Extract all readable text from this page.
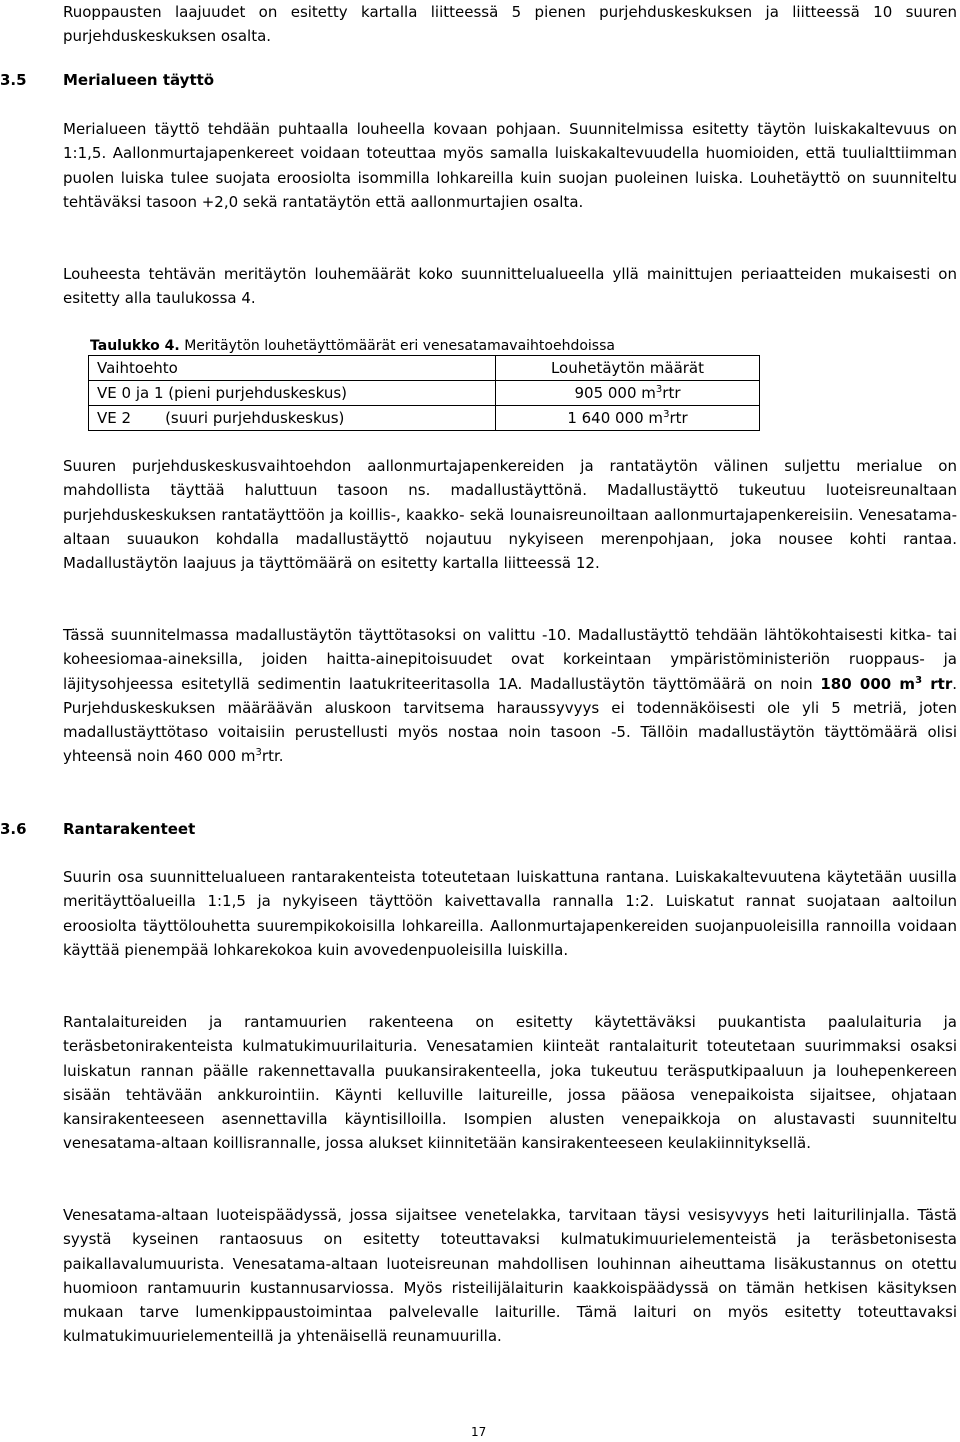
Ruoppausten laajuudet on esitetty kartalla liitteessä 5 pienen purjehduskeskuksen ja liitteessä 10 suuren purjehduskeskuksen osalta.

3.5 Merialueen täyttö

Merialueen täyttö tehdään puhtaalla louheella kovaan pohjaan. Suunnitelmissa esitetty täytön luiskakaltevuus on 1:1,5. Aallonmurtajapenkereet voidaan toteuttaa myös samalla luiskakaltevuudella huomioiden, että tuulialttiimman puolen luiska tulee suojata eroosiolta isommilla lohkareilla kuin suojan puoleinen luiska. Louhetäyttö on suunniteltu tehtäväksi tasoon +2,0 sekä rantatäytön että aallonmurtajien osalta.

Louheesta tehtävän meritäytön louhemäärät koko suunnittelualueella yllä mainittujen periaatteiden mukaisesti on esitetty alla taulukossa 4.

Taulukko 4. Meritäytön louhetäyttömäärät eri venesatamavaihtoehdoissa
Vaihtoehto	Louhetäytön määrät
VE 0 ja 1 (pieni purjehduskeskus)	905 000 $m^3rtr$
VE 2 (suuri purjehduskeskus)	1 640 000 $m^3rtr$

Suuren purjehduskeskusvaihtoehdon aallonmurtajapenkereiden ja rantatäytön välinen suljettu merialue on mahdollista täyttää haluttuun tasoon ns. madallustäyttönä. Madallustäyttö tukeutuu luoteisreunaltaan purjehduskeskuksen rantatäyttöön ja koillis-, kaakko- sekä lounaisreunoiltaan aallonmurtajapenkereisiin. Venesatama-altaan suuaukon kohdalla madallustäyttö nojautuu nykyiseen merenpohjaan, joka nousee kohti rantaa. Madallustäytön laajuus ja täyttömäärä on esitetty kartalla liitteessä 12.

Tässä suunnitelmassa madallustäytön täyttötasoksi on valittu -10. Madallustäyttö tehdään lähtökohtaisesti kitka- tai koheesiomaa-aineksilla, joiden haitta-ainepitoisuudet ovat korkeintaan ympäristöministeriön ruoppaus- ja läjitysohjeessa esitetyllä sedimentin laatukriteeritasolla 1A. Madallustäytön täyttömäärä on noin 180 000 $m^3$ rtr. Purjehduskeskuksen määräävän aluskoon tarvitsema haraussyvyys ei todennäköisesti ole yli 5 metriä, joten madallustäyttötaso voitaisiin perustellusti myös nostaa noin tasoon -5. Tällöin madallustäytön täyttömäärä olisi yhteensä noin 460 000 $m^3rtr$.

3.6 Rantarakenteet

Suurin osa suunnittelualueen rantarakenteista toteutetaan luiskattuna rantana. Luiskakaltevuutena käytetään uusilla meritäyttöalueilla 1:1,5 ja nykyiseen täyttöön kaivettavalla rannalla 1:2. Luiskatut rannat suojataan aaltoilun eroosiolta täyttölouhetta suurempikokoisilla lohkareilla. Aallonmurtajapenkereiden suojanpuoleisilla rannoilla voidaan käyttää pienempää lohkarekokoa kuin avovedenpuoleisilla luiskilla.

Rantalaitureiden ja rantamuurien rakenteena on esitetty käytettäväksi puukantista paalulaituria ja teräsbetonirakenteista kulmatukimuurilaituria. Venesatamien kiinteät rantalaiturit toteutetaan suurimmaksi osaksi luiskatun rannan päälle rakennettavalla puukansirakenteella, joka tukeutuu teräsputkipaaluun ja louhepenkereen sisään tehtävään ankkurointiin. Käynti kelluville laitureille, jossa pääosa venepaikoista sijaitsee, ohjataan kansirakenteeseen asennettavilla käyntisilloilla. Isompien alusten venepaikkoja on alustavasti suunniteltu venesatama-altaan koillisrannalle, jossa alukset kiinnitetään kansirakenteeseen keulakiinnityksellä.

Venesatama-altaan luoteispäädyssä, jossa sijaitsee venetelakka, tarvitaan täysi vesisyvyys heti laiturilinjalla. Tästä syystä kyseinen rantaosuus on esitetty toteuttavaksi kulmatukimuurielementeistä ja teräsbetonisesta paikallavalumuurista. Venesatama-altaan luoteisreunan mahdollisen louhinnan aiheuttama lisäkustannus on otettu huomioon rantamuurin kustannusarviossa. Myös risteilijälaiturin kaakkoispäädyssä on tämän hetkisen käsityksen mukaan tarve lumenkippaustoimintaa palvelevalle laiturille. Tämä laituri on myös esitetty toteuttavaksi kulmatukimuurielementeillä ja yhtenäisellä reunamuurilla.

17
